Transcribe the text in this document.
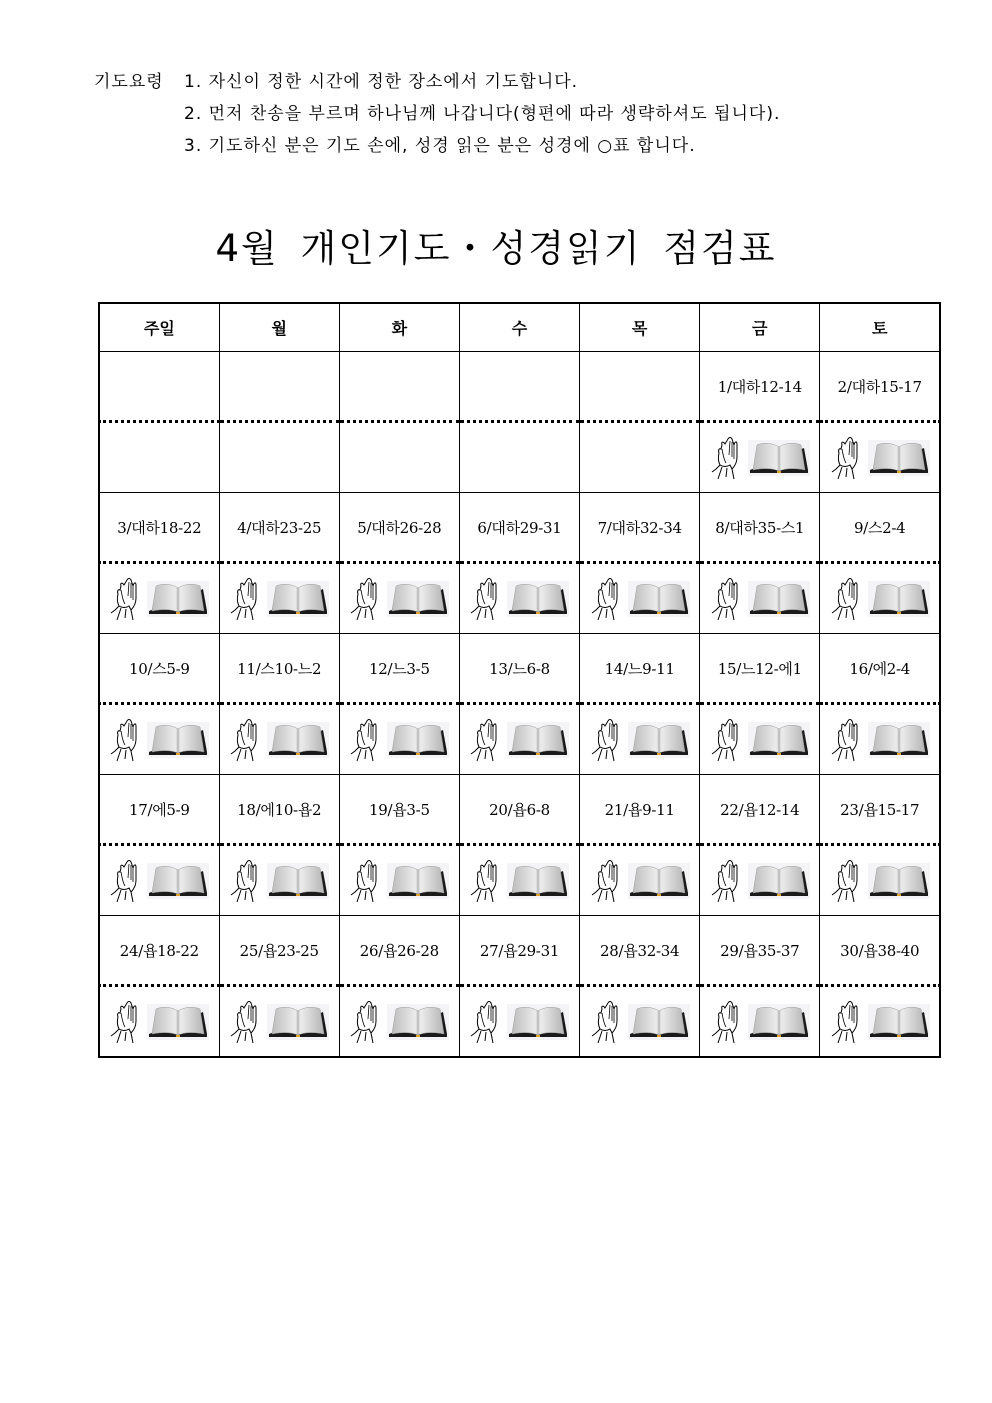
기도요령	1. 자신이 정한 시간에 정한 장소에서 기도합니다.
2. 먼저 찬송을 부르며 하나님께 나갑니다(형편에 따라 생략하셔도 됩니다).
3. 기도하신 분은 기도 손에, 성경 읽은 분은 성경에 ○표 합니다.
4월 개인기도・성경읽기 점검표
주일	월	화	수	목	금	토
					1/대하12-14	2/대하15-17

3/대하18-22	4/대하23-25	5/대하26-28	6/대하29-31	7/대하32-34	8/대하35-스1	9/스2-4

10/스5-9	11/스10-느2	12/느3-5	13/느6-8	14/느9-11	15/느12-에1	16/에2-4

17/에5-9	18/에10-욥2	19/욥3-5	20/욥6-8	21/욥9-11	22/욥12-14	23/욥15-17

24/욥18-22	25/욥23-25	26/욥26-28	27/욥29-31	28/욥32-34	29/욥35-37	30/욥38-40
